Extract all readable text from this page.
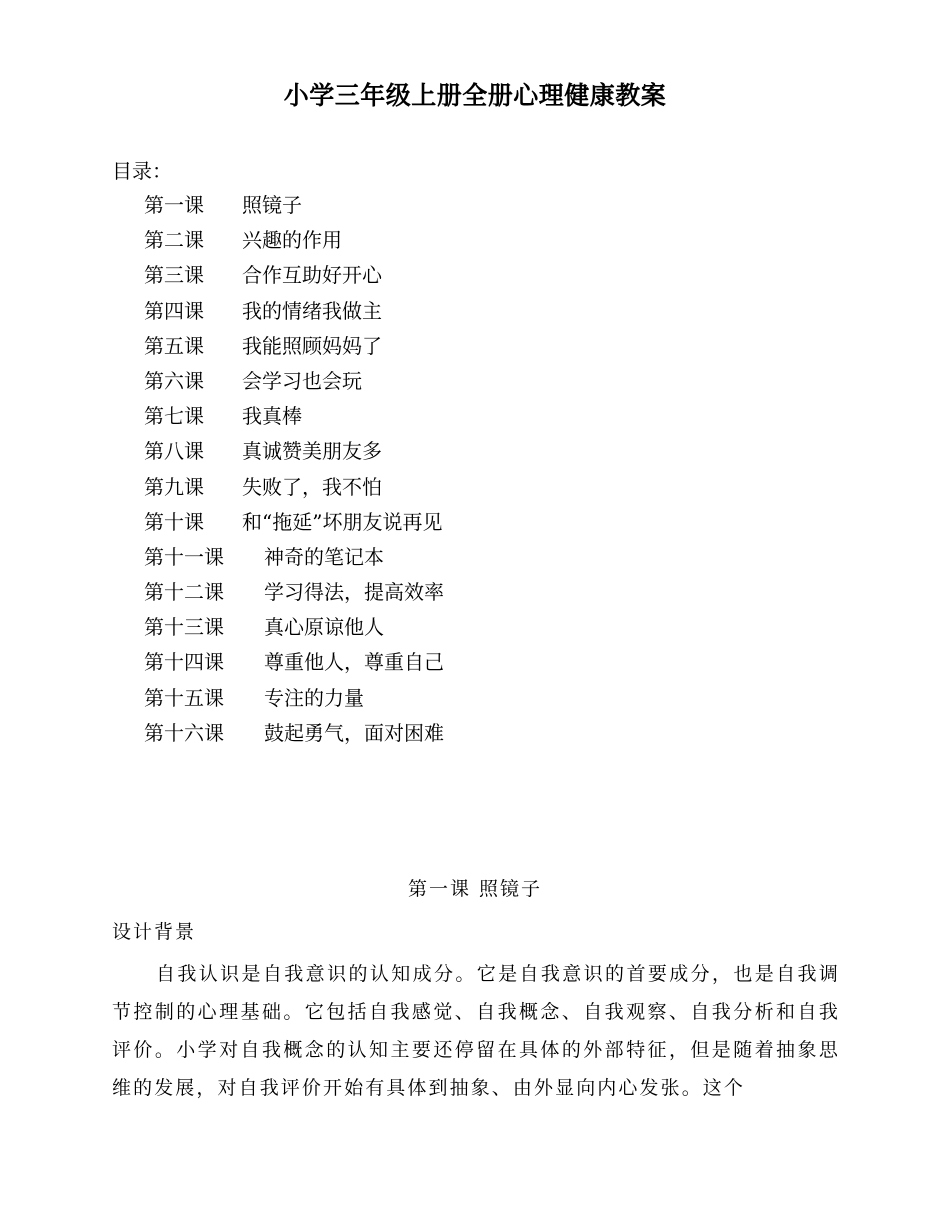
小学三年级上册全册心理健康教案
目录：
第一课 照镜子
第二课 兴趣的作用
第三课 合作互助好开心
第四课 我的情绪我做主
第五课 我能照顾妈妈了
第六课 会学习也会玩
第七课 我真棒
第八课 真诚赞美朋友多
第九课 失败了，我不怕
第十课 和“拖延”坏朋友说再见
第十一课 神奇的笔记本
第十二课 学习得法，提高效率
第十三课 真心原谅他人
第十四课 尊重他人，尊重自己
第十五课 专注的力量
第十六课 鼓起勇气，面对困难
第一课 照镜子
设计背景

自我认识是自我意识的认知成分。它是自我意识的首要成分，也是自我调节控制的心理基础。它包括自我感觉、自我概念、自我观察、自我分析和自我评价。小学对自我概念的认知主要还停留在具体的外部特征，但是随着抽象思维的发展，对自我评价开始有具体到抽象、由外显向内心发张。这个
